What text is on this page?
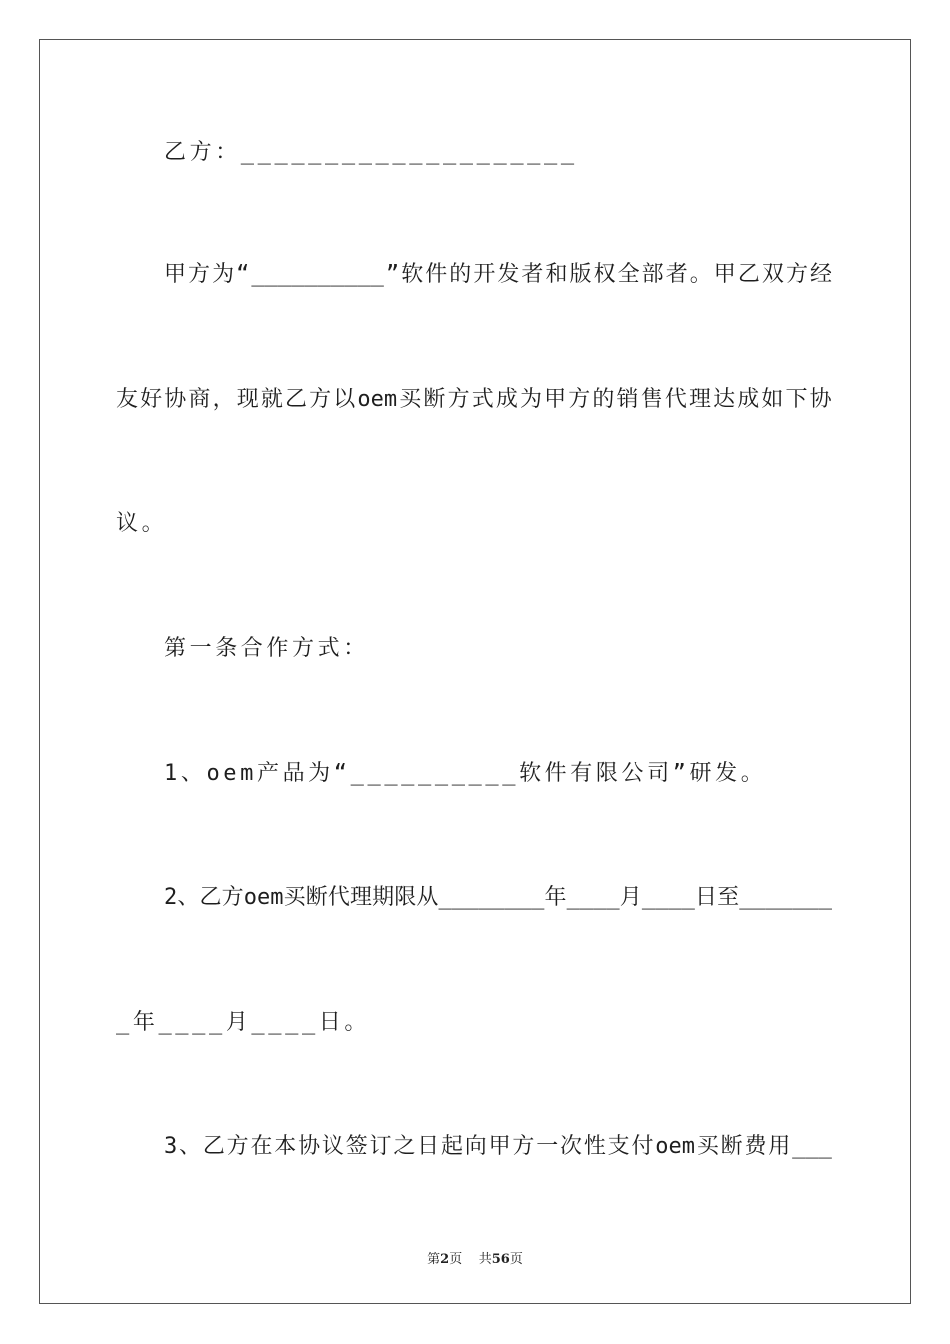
乙方：____________________
甲 方 为 “ __________ ” 软 件 的 开 发 者 和 版 权 全 部 者 。 甲 乙 双 方 经
友 好 协 商 ， 现 就 乙 方 以 oem 买 断 方 式 成 为 甲 方 的 销 售 代 理 达 成 如 下 协
议。
第一条合作方式：
1、oem产品为“__________软件有限公司”研发。
2 、 乙 方 oem 买 断 代 理 期 限 从 ________ 年 ____ 月 ____ 日 至 _______
_年____月____日。
3 、 乙 方 在 本 协 议 签 订 之 日 起 向 甲 方 一 次 性 支 付 oem 买 断 费 用 ___
第2页    共56页
